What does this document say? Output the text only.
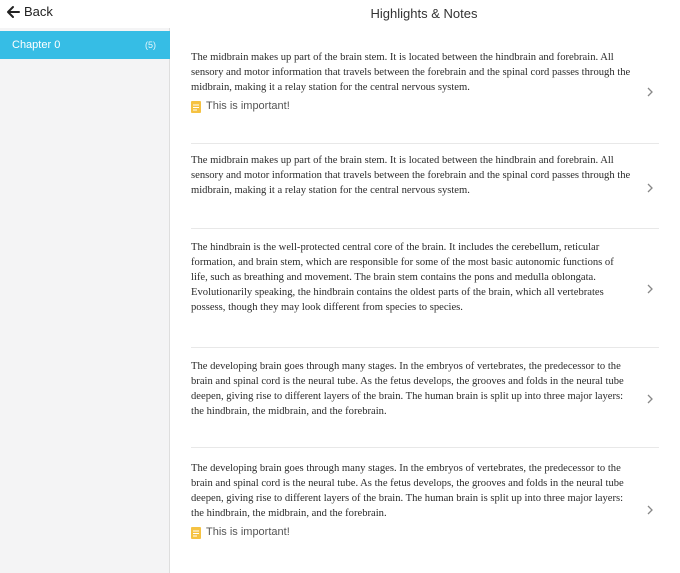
Back	Highlights & Notes
Chapter 0	(5)
The midbrain makes up part of the brain stem. It is located between the hindbrain and forebrain. All sensory and motor information that travels between the forebrain and the spinal cord passes through the midbrain, making it a relay station for the central nervous system.
This is important!
The midbrain makes up part of the brain stem. It is located between the hindbrain and forebrain. All sensory and motor information that travels between the forebrain and the spinal cord passes through the midbrain, making it a relay station for the central nervous system.
The hindbrain is the well-protected central core of the brain. It includes the cerebellum, reticular formation, and brain stem, which are responsible for some of the most basic autonomic functions of life, such as breathing and movement. The brain stem contains the pons and medulla oblongata. Evolutionarily speaking, the hindbrain contains the oldest parts of the brain, which all vertebrates possess, though they may look different from species to species.
The developing brain goes through many stages. In the embryos of vertebrates, the predecessor to the brain and spinal cord is the neural tube. As the fetus develops, the grooves and folds in the neural tube deepen, giving rise to different layers of the brain. The human brain is split up into three major layers: the hindbrain, the midbrain, and the forebrain.
The developing brain goes through many stages. In the embryos of vertebrates, the predecessor to the brain and spinal cord is the neural tube. As the fetus develops, the grooves and folds in the neural tube deepen, giving rise to different layers of the brain. The human brain is split up into three major layers: the hindbrain, the midbrain, and the forebrain.
This is important!
